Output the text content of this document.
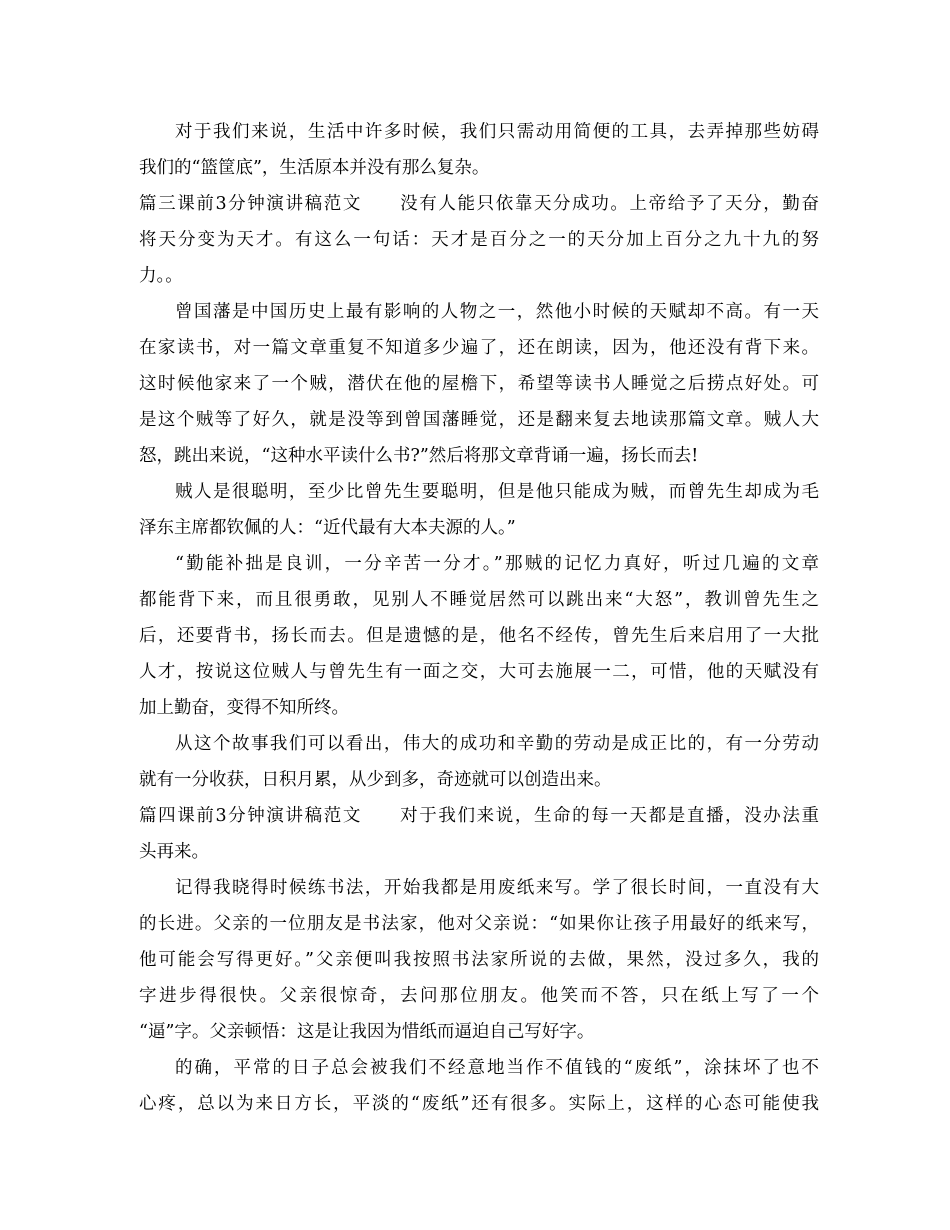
对于我们来说，生活中许多时候，我们只需动用简便的工具，去弄掉那些妨碍
我们的“篮筐底”，生活原本并没有那么复杂。
篇三课前3分钟演讲稿范文　　没有人能只依靠天分成功。上帝给予了天分，勤奋
将天分变为天才。有这么一句话：天才是百分之一的天分加上百分之九十九的努
力。。
曾国藩是中国历史上最有影响的人物之一，然他小时候的天赋却不高。有一天
在家读书，对一篇文章重复不知道多少遍了，还在朗读，因为，他还没有背下来。
这时候他家来了一个贼，潜伏在他的屋檐下，希望等读书人睡觉之后捞点好处。可
是这个贼等了好久，就是没等到曾国藩睡觉，还是翻来复去地读那篇文章。贼人大
怒，跳出来说，“这种水平读什么书?”然后将那文章背诵一遍，扬长而去!
贼人是很聪明，至少比曾先生要聪明，但是他只能成为贼，而曾先生却成为毛
泽东主席都钦佩的人：“近代最有大本夫源的人。”
“勤能补拙是良训，一分辛苦一分才。”那贼的记忆力真好，听过几遍的文章
都能背下来，而且很勇敢，见别人不睡觉居然可以跳出来“大怒”，教训曾先生之
后，还要背书，扬长而去。但是遗憾的是，他名不经传，曾先生后来启用了一大批
人才，按说这位贼人与曾先生有一面之交，大可去施展一二，可惜，他的天赋没有
加上勤奋，变得不知所终。
从这个故事我们可以看出，伟大的成功和辛勤的劳动是成正比的，有一分劳动
就有一分收获，日积月累，从少到多，奇迹就可以创造出来。
篇四课前3分钟演讲稿范文　　对于我们来说，生命的每一天都是直播，没办法重
头再来。
记得我晓得时候练书法，开始我都是用废纸来写。学了很长时间，一直没有大
的长进。父亲的一位朋友是书法家，他对父亲说：“如果你让孩子用最好的纸来写，
他可能会写得更好。”父亲便叫我按照书法家所说的去做，果然，没过多久，我的
字进步得很快。父亲很惊奇，去问那位朋友。他笑而不答，只在纸上写了一个
“逼”字。父亲顿悟：这是让我因为惜纸而逼迫自己写好字。
的确，平常的日子总会被我们不经意地当作不值钱的“废纸”，涂抹坏了也不
心疼，总以为来日方长，平淡的“废纸”还有很多。实际上，这样的心态可能使我
